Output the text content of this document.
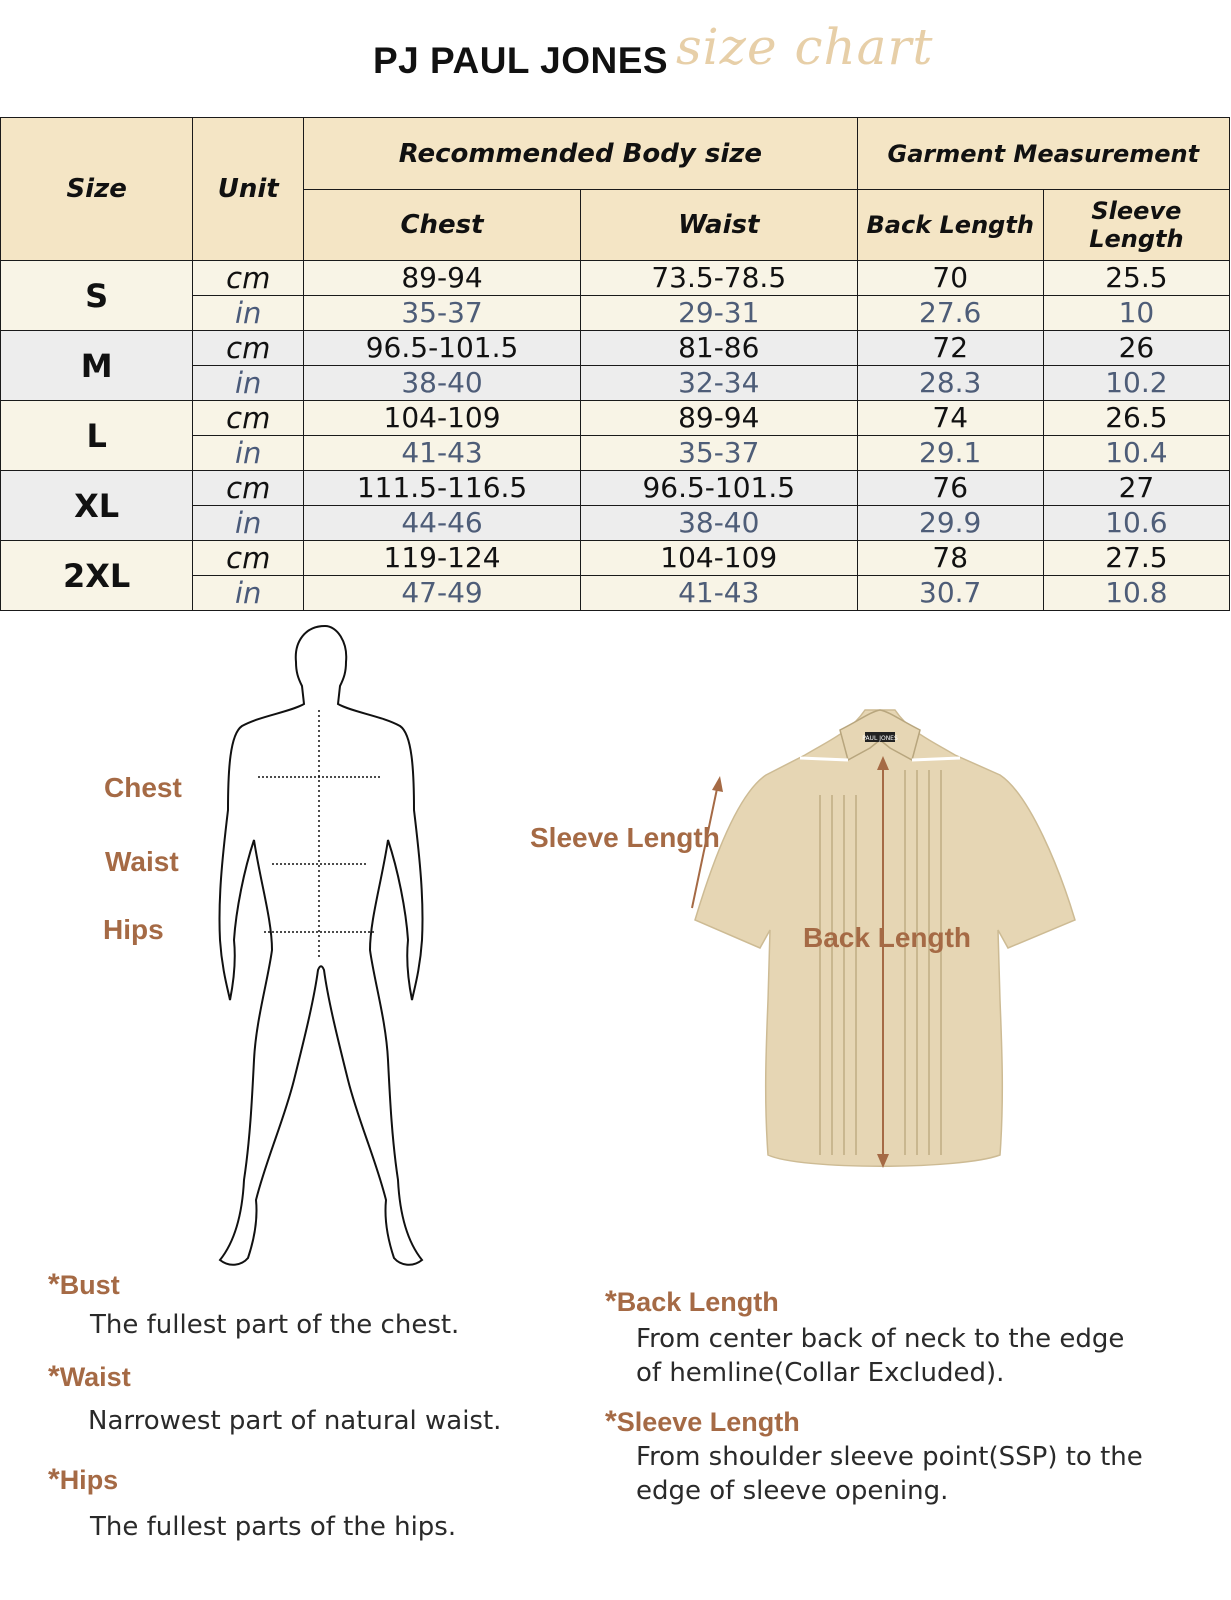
PJ PAUL JONES size chart
Size	Unit	Recommended Body size		Garment Measurement	
		Chest	Waist	Back Length	Sleeve Length
S	cm	89-94	73.5-78.5	70	25.5
	in	35-37	29-31	27.6	10
M	cm	96.5-101.5	81-86	72	26
	in	38-40	32-34	28.3	10.2
L	cm	104-109	89-94	74	26.5
	in	41-43	35-37	29.1	10.4
XL	cm	111.5-116.5	96.5-101.5	76	27
	in	44-46	38-40	29.9	10.6
2XL	cm	119-124	104-109	78	27.5
	in	47-49	41-43	30.7	10.8
Chest
Waist
Hips
PAUL JONES
Sleeve Length
Back Length
*Bust
The fullest part of the chest.
*Waist
Narrowest part of natural waist.
*Hips
The fullest parts of the hips.
*Back Length
From center back of neck to the edge
of hemline(Collar Excluded).
*Sleeve Length
From shoulder sleeve point(SSP) to the
edge of sleeve opening.
